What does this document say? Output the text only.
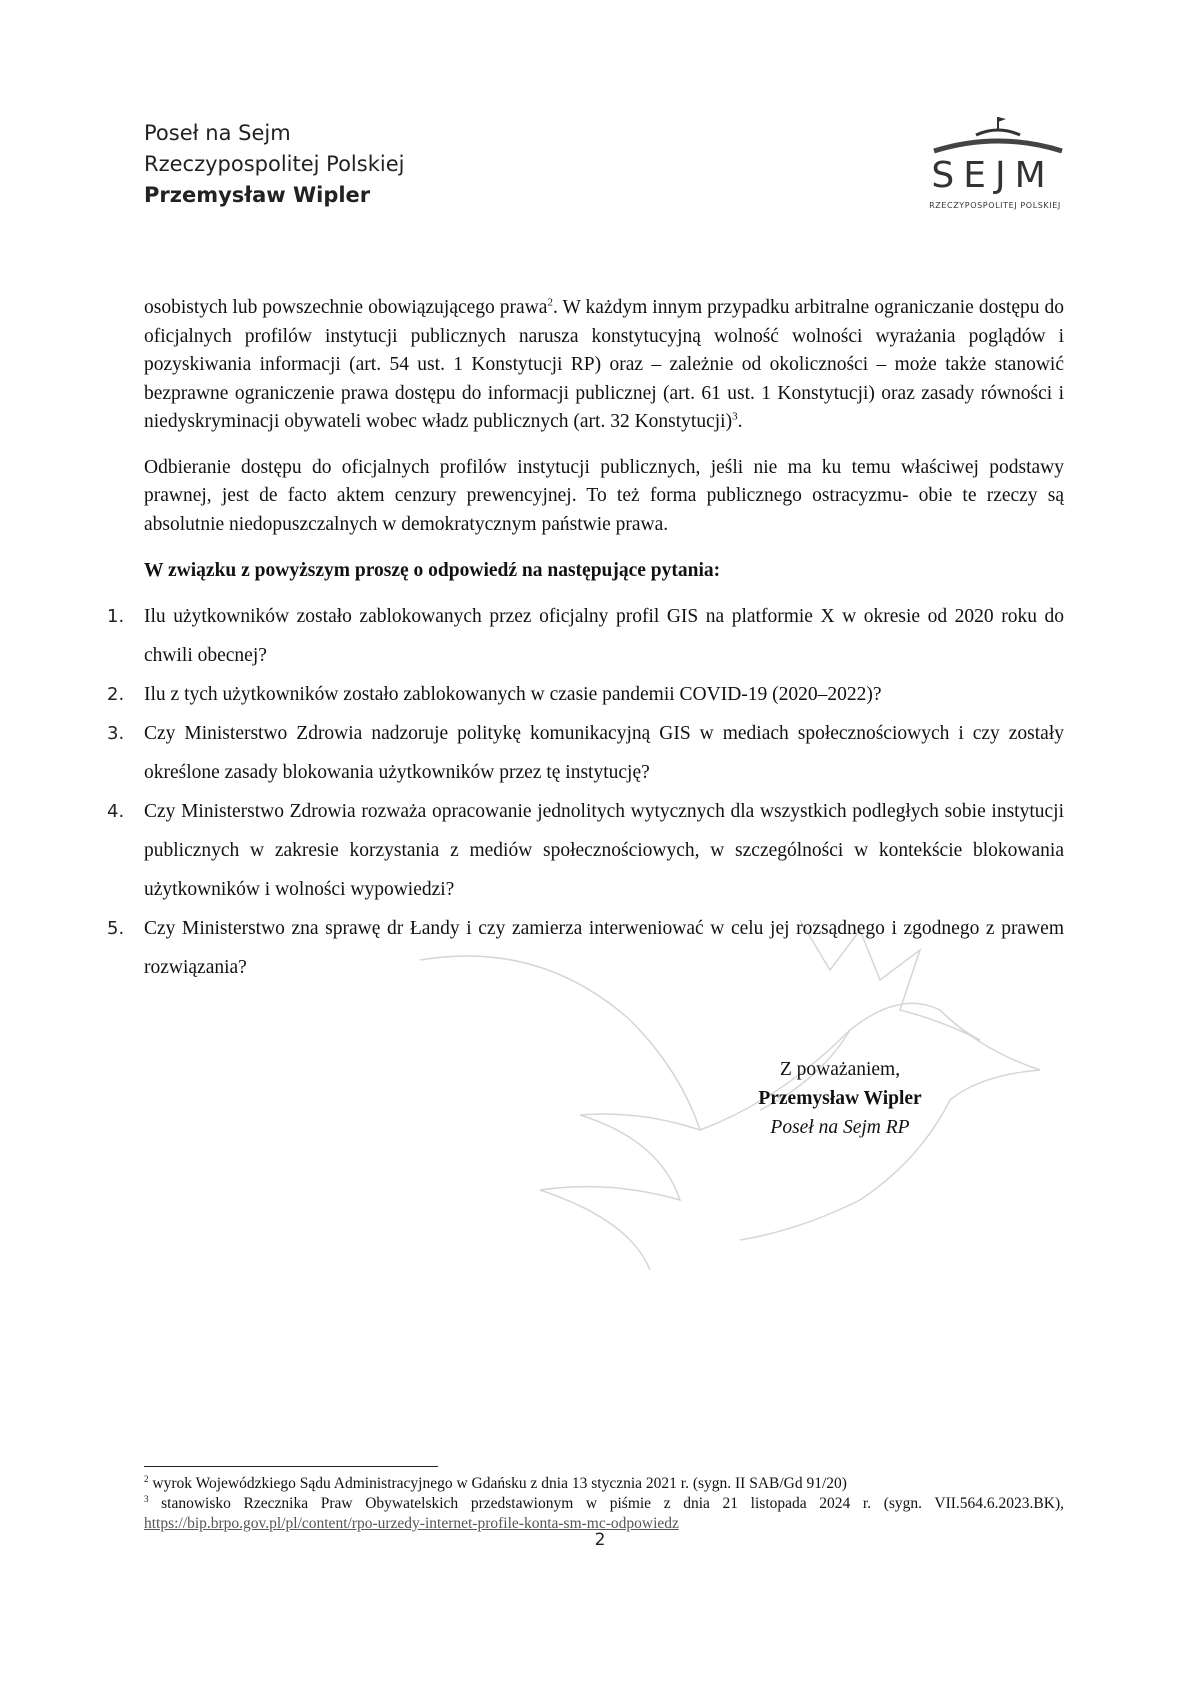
Poseł na Sejm
Rzeczypospolitej Polskiej
Przemysław Wipler	SEJM
RZECZYPOSPOLITEJ POLSKIEJ

osobistych lub powszechnie obowiązującego prawa$^2$. W każdym innym przypadku arbitralne ograniczanie dostępu do oficjalnych profilów instytucji publicznych narusza konstytucyjną wolność wolności wyrażania poglądów i pozyskiwania informacji (art. 54 ust. 1 Konstytucji RP) oraz – zależnie od okoliczności – może także stanowić bezprawne ograniczenie prawa dostępu do informacji publicznej (art. 61 ust. 1 Konstytucji) oraz zasady równości i niedyskryminacji obywateli wobec władz publicznych (art. 32 Konstytucji)$^3$.

Odbieranie dostępu do oficjalnych profilów instytucji publicznych, jeśli nie ma ku temu właściwej podstawy prawnej, jest de facto aktem cenzury prewencyjnej. To też forma publicznego ostracyzmu- obie te rzeczy są absolutnie niedopuszczalnych w demokratycznym państwie prawa.

W związku z powyższym proszę o odpowiedź na następujące pytania:

1. Ilu użytkowników zostało zablokowanych przez oficjalny profil GIS na platformie X w okresie od 2020 roku do chwili obecnej?
2. Ilu z tych użytkowników zostało zablokowanych w czasie pandemii COVID-19 (2020–2022)?
3. Czy Ministerstwo Zdrowia nadzoruje politykę komunikacyjną GIS w mediach społecznościowych i czy zostały określone zasady blokowania użytkowników przez tę instytucję?
4. Czy Ministerstwo Zdrowia rozważa opracowanie jednolitych wytycznych dla wszystkich podległych sobie instytucji publicznych w zakresie korzystania z mediów społecznościowych, w szczególności w kontekście blokowania użytkowników i wolności wypowiedzi?
5. Czy Ministerstwo zna sprawę dr Łandy i czy zamierza interweniować w celu jej rozsądnego i zgodnego z prawem rozwiązania?
Z poważaniem,
Przemysław Wipler
Poseł na Sejm RP
$^2$ wyrok Wojewódzkiego Sądu Administracyjnego w Gdańsku z dnia 13 stycznia 2021 r. (sygn. II SAB/Gd 91/20)
$^3$ stanowisko Rzecznika Praw Obywatelskich przedstawionym w piśmie z dnia 21 listopada 2024 r. (sygn. VII.564.6.2023.BK), https://bip.brpo.gov.pl/pl/content/rpo-urzedy-internet-profile-konta-sm-mc-odpowiedz
2
